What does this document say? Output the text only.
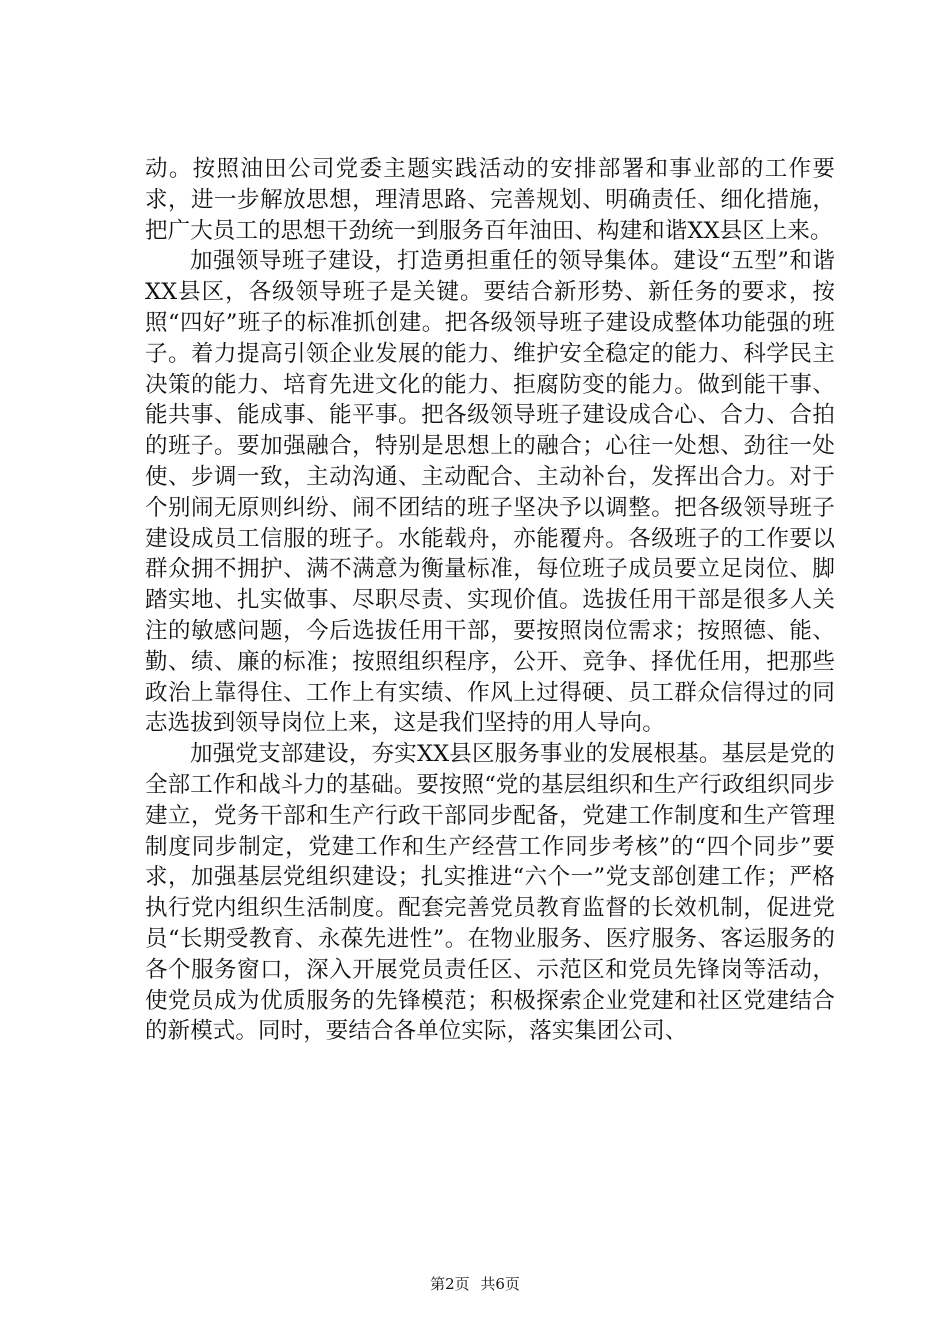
动。按照油田公司党委主题实践活动的安排部署和事业部的工作要求，进一步解放思想，理清思路、完善规划、明确责任、细化措施，把广大员工的思想干劲统一到服务百年油田、构建和谐XX县区上来。

加强领导班子建设，打造勇担重任的领导集体。建设“五型”和谐XX县区，各级领导班子是关键。要结合新形势、新任务的要求，按照“四好”班子的标准抓创建。把各级领导班子建设成整体功能强的班子。着力提高引领企业发展的能力、维护安全稳定的能力、科学民主决策的能力、培育先进文化的能力、拒腐防变的能力。做到能干事、能共事、能成事、能平事。把各级领导班子建设成合心、合力、合拍的班子。要加强融合，特别是思想上的融合；心往一处想、劲往一处使、步调一致，主动沟通、主动配合、主动补台，发挥出合力。对于个别闹无原则纠纷、闹不团结的班子坚决予以调整。把各级领导班子建设成员工信服的班子。水能载舟，亦能覆舟。各级班子的工作要以群众拥不拥护、满不满意为衡量标准，每位班子成员要立足岗位、脚踏实地、扎实做事、尽职尽责、实现价值。选拔任用干部是很多人关注的敏感问题，今后选拔任用干部，要按照岗位需求；按照德、能、勤、绩、廉的标准；按照组织程序，公开、竞争、择优任用，把那些政治上靠得住、工作上有实绩、作风上过得硬、员工群众信得过的同志选拔到领导岗位上来，这是我们坚持的用人导向。

加强党支部建设，夯实XX县区服务事业的发展根基。基层是党的全部工作和战斗力的基础。要按照“党的基层组织和生产行政组织同步建立，党务干部和生产行政干部同步配备，党建工作制度和生产管理制度同步制定，党建工作和生产经营工作同步考核”的“四个同步”要求，加强基层党组织建设；扎实推进“六个一”党支部创建工作；严格执行党内组织生活制度。配套完善党员教育监督的长效机制，促进党员“长期受教育、永葆先进性”。在物业服务、医疗服务、客运服务的各个服务窗口，深入开展党员责任区、示范区和党员先锋岗等活动，使党员成为优质服务的先锋模范；积极探索企业党建和社区党建结合的新模式。同时，要结合各单位实际，落实集团公司、

第2页 共6页
